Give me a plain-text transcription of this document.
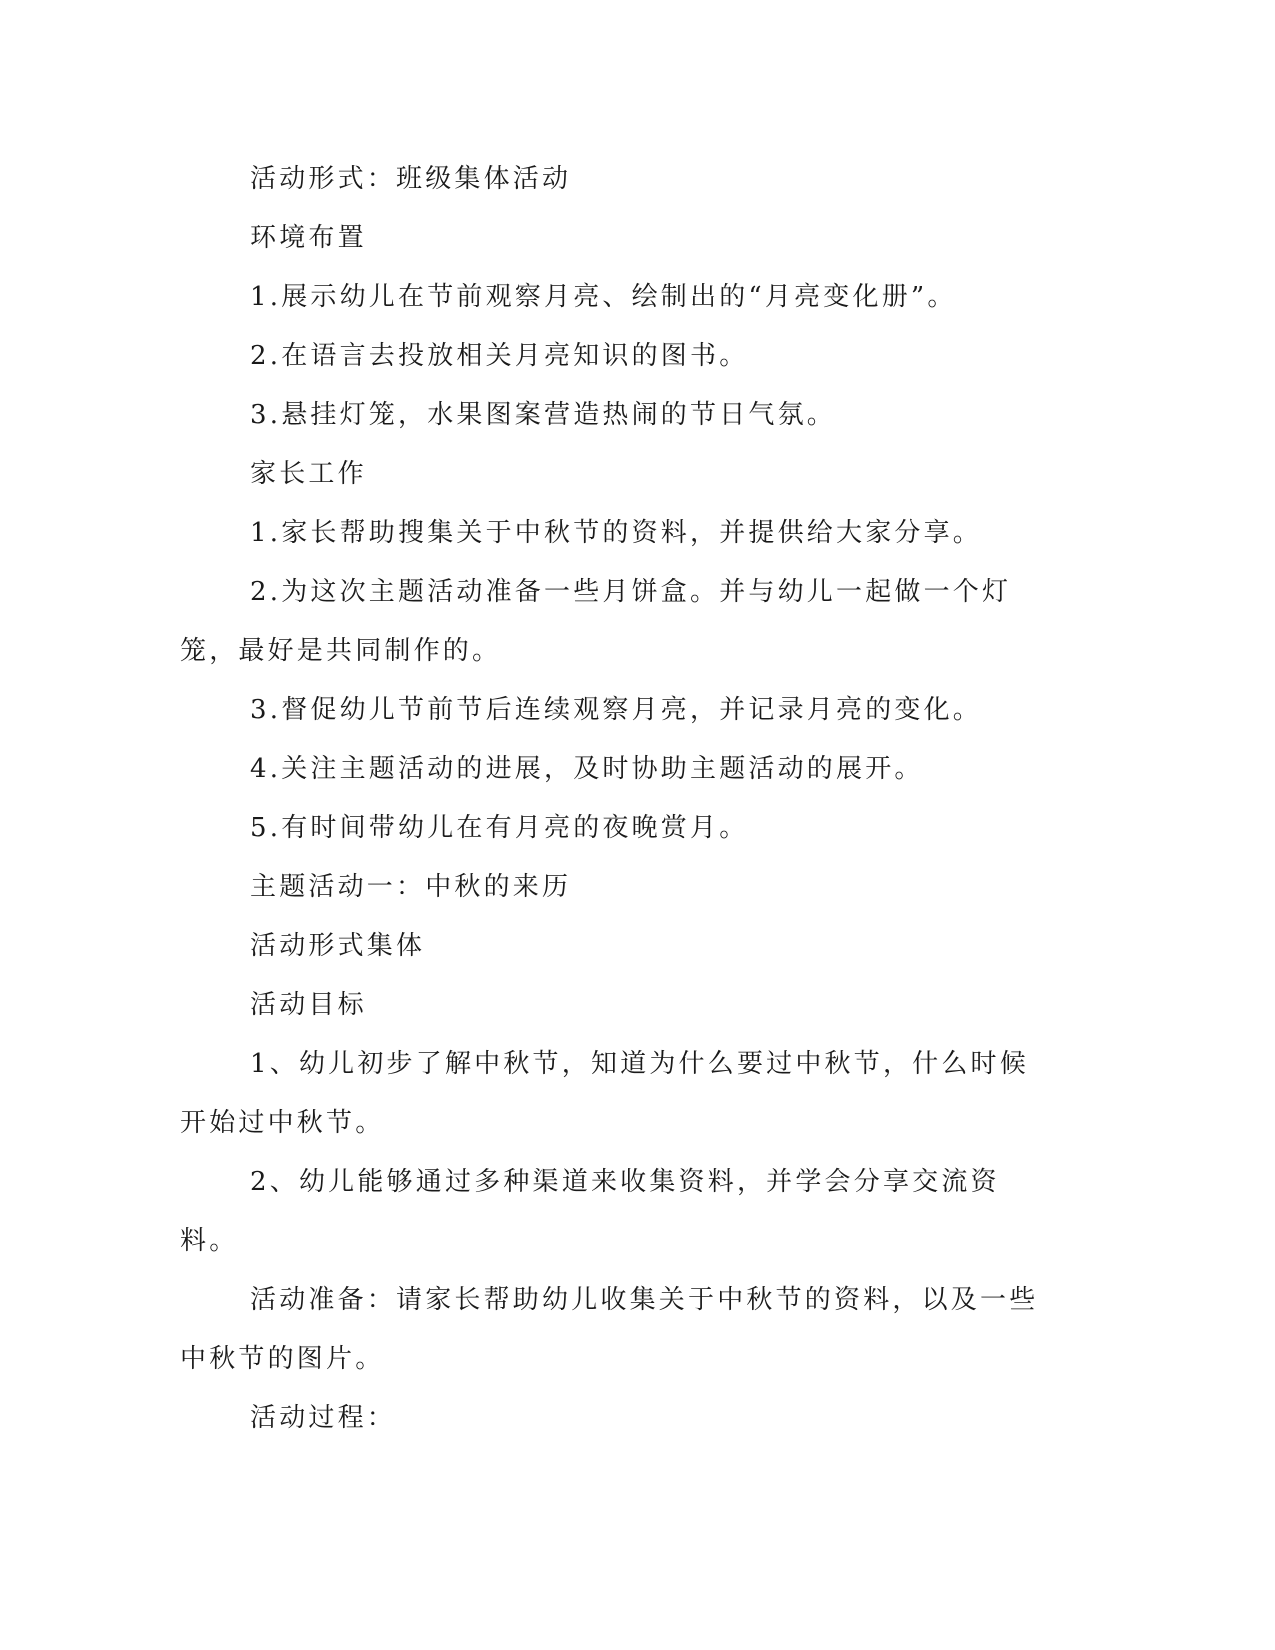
活动形式：班级集体活动

环境布置

1.展示幼儿在节前观察月亮、绘制出的“月亮变化册”。

2.在语言去投放相关月亮知识的图书。

3.悬挂灯笼，水果图案营造热闹的节日气氛。

家长工作

1.家长帮助搜集关于中秋节的资料，并提供给大家分享。

2.为这次主题活动准备一些月饼盒。并与幼儿一起做一个灯笼，最好是共同制作的。

3.督促幼儿节前节后连续观察月亮，并记录月亮的变化。

4.关注主题活动的进展，及时协助主题活动的展开。

5.有时间带幼儿在有月亮的夜晚赏月。

主题活动一：中秋的来历

活动形式集体

活动目标

1、幼儿初步了解中秋节，知道为什么要过中秋节，什么时候开始过中秋节。

2、幼儿能够通过多种渠道来收集资料，并学会分享交流资料。

活动准备：请家长帮助幼儿收集关于中秋节的资料，以及一些中秋节的图片。

活动过程：
